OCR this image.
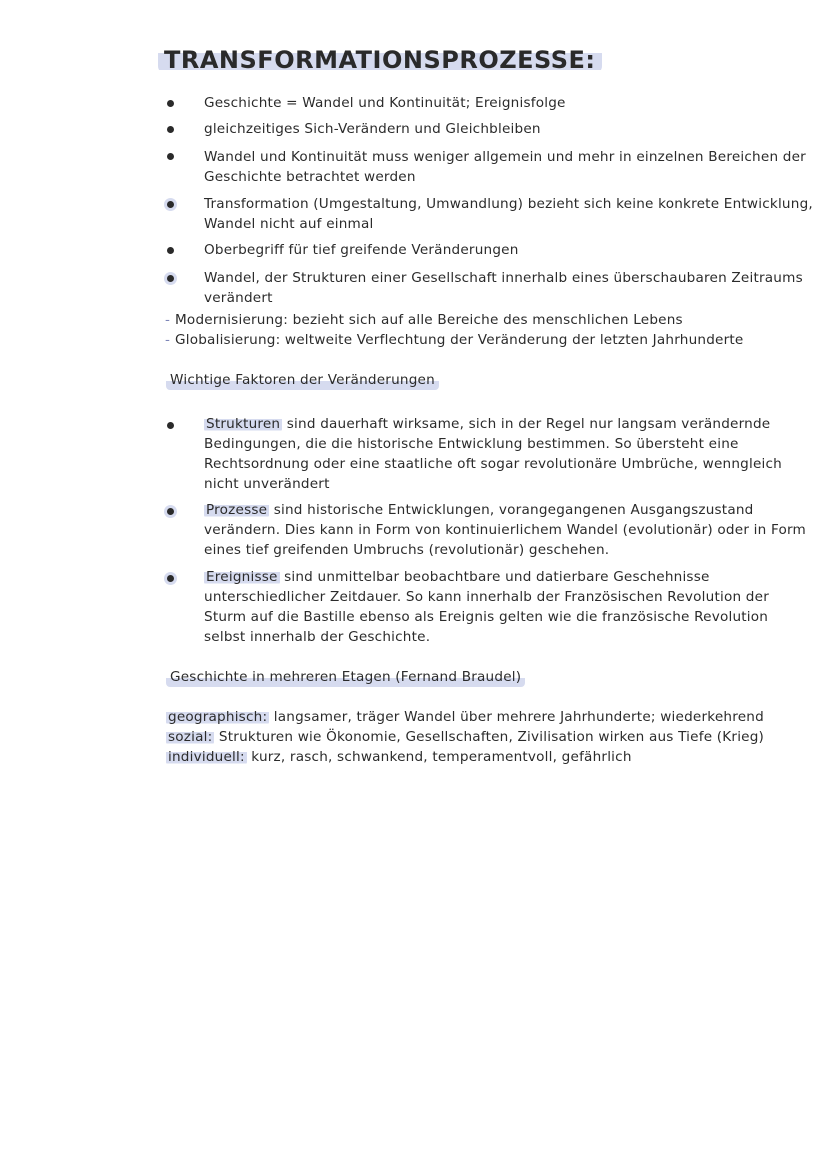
TRANSFORMATIONSPROZESSE:
Geschichte = Wandel und Kontinuität; Ereignisfolge
gleichzeitiges Sich-Verändern und Gleichbleiben
Wandel und Kontinuität muss weniger allgemein und mehr in einzelnen Bereichen der Geschichte betrachtet werden
Transformation (Umgestaltung, Umwandlung) bezieht sich keine konkrete Entwicklung, Wandel nicht auf einmal
Oberbegriff für tief greifende Veränderungen
Wandel, der Strukturen einer Gesellschaft innerhalb eines überschaubaren Zeitraums verändert
- Modernisierung: bezieht sich auf alle Bereiche des menschlichen Lebens
- Globalisierung: weltweite Verflechtung der Veränderung der letzten Jahrhunderte
Wichtige Faktoren der Veränderungen
Strukturen sind dauerhaft wirksame, sich in der Regel nur langsam verändernde Bedingungen, die die historische Entwicklung bestimmen. So übersteht eine Rechtsordnung oder eine staatliche oft sogar revolutionäre Umbrüche, wenngleich nicht unverändert
Prozesse sind historische Entwicklungen, vorangegangenen Ausgangszustand verändern. Dies kann in Form von kontinuierlichem Wandel (evolutionär) oder in Form eines tief greifenden Umbruchs (revolutionär) geschehen.
Ereignisse sind unmittelbar beobachtbare und datierbare Geschehnisse unterschiedlicher Zeitdauer. So kann innerhalb der Französischen Revolution der Sturm auf die Bastille ebenso als Ereignis gelten wie die französische Revolution selbst innerhalb der Geschichte.
Geschichte in mehreren Etagen (Fernand Braudel)
geographisch: langsamer, träger Wandel über mehrere Jahrhunderte; wiederkehrend
sozial: Strukturen wie Ökonomie, Gesellschaften, Zivilisation wirken aus Tiefe (Krieg)
individuell: kurz, rasch, schwankend, temperamentvoll, gefährlich
